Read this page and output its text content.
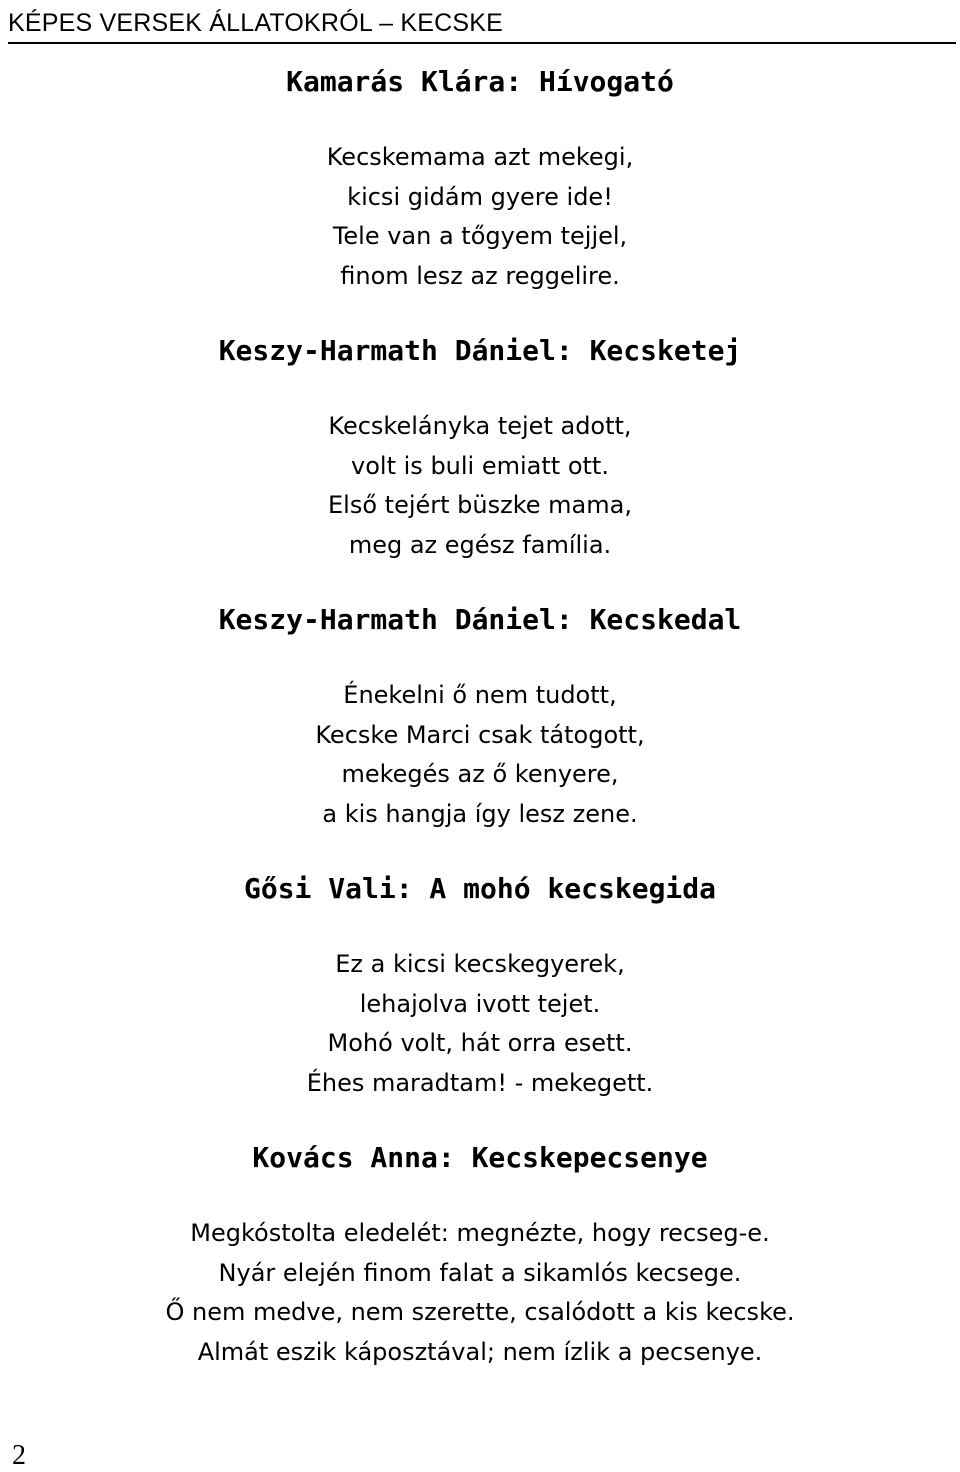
KÉPES VERSEK ÁLLATOKRÓL – KECSKE
Kamarás Klára: Hívogató
Kecskemama azt mekegi,
kicsi gidám gyere ide!
Tele van a tőgyem tejjel,
finom lesz az reggelire.
Keszy-Harmath Dániel: Kecsketej
Kecskelányka tejet adott,
volt is buli emiatt ott.
Első tejért büszke mama,
meg az egész família.
Keszy-Harmath Dániel: Kecskedal
Énekelni ő nem tudott,
Kecske Marci csak tátogott,
mekegés az ő kenyere,
a kis hangja így lesz zene.
Gősi Vali: A mohó kecskegida
Ez a kicsi kecskegyerek,
lehajolva ivott tejet.
Mohó volt, hát orra esett.
Éhes maradtam! - mekegett.
Kovács Anna: Kecskepecsenye
Megkóstolta eledelét: megnézte, hogy recseg-e.
Nyár elején finom falat a sikamlós kecsege.
Ő nem medve, nem szerette, csalódott a kis kecske.
Almát eszik káposztával; nem ízlik a pecsenye.
2
